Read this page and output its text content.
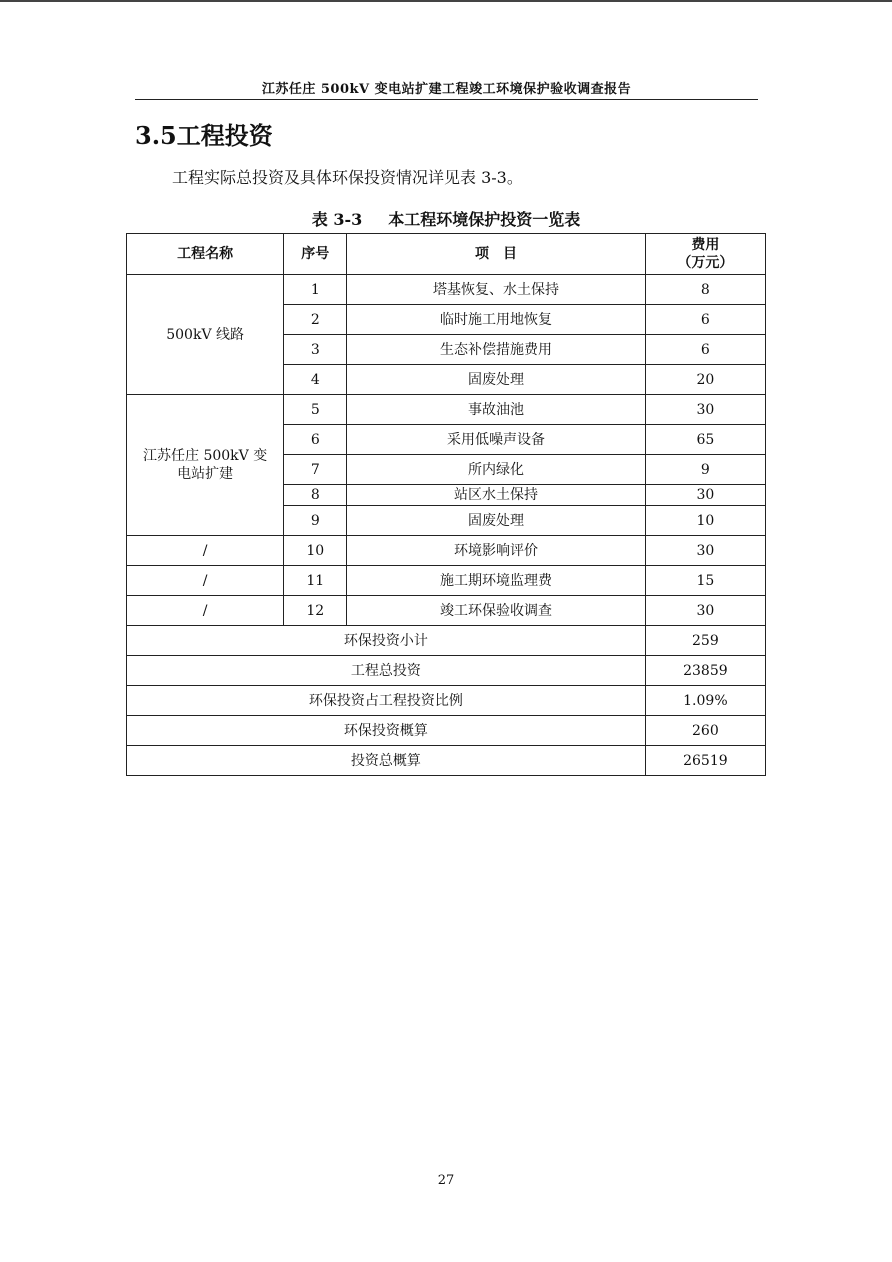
江苏任庄 500kV 变电站扩建工程竣工环境保护验收调查报告
3.5工程投资
工程实际总投资及具体环保投资情况详见表 3-3。
表 3-3 本工程环境保护投资一览表
工程名称	序号	项　目	费用
（万元）

500kV 线路	1	塔基恢复、水土保持	8
	2	临时施工用地恢复	6
	3	生态补偿措施费用	6
	4	固废处理	20
江苏任庄 500kV 变电站扩建	5	事故油池	30
	6	采用低噪声设备	65
	7	所内绿化	9
	8	站区水土保持	30
	9	固废处理	10
/	10	环境影响评价	30
/	11	施工期环境监理费	15
/	12	竣工环保验收调查	30
环保投资小计			259
工程总投资			23859
环保投资占工程投资比例			1.09%
环保投资概算			260
投资总概算			26519
27
